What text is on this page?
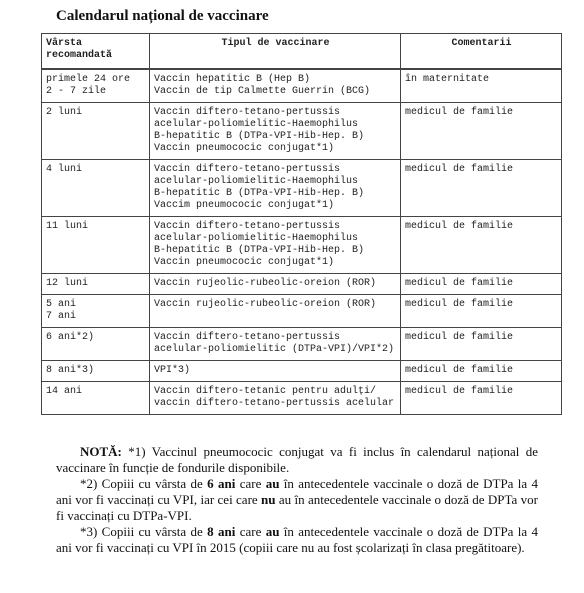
Calendarul național de vaccinare
Vârsta
recomandată	Tipul de vaccinare	Comentarii

primele 24 ore
2 - 7 zile	Vaccin hepatitic B (Hep B)
Vaccin de tip Calmette Guerrin (BCG)	în maternitate

2 luni	Vaccin diftero-tetano-pertussis
acelular-poliomielitic-Haemophilus
B-hepatitic B (DTPa-VPI-Hib-Hep. B)
Vaccin pneumococic conjugat*1)	medicul de familie

4 luni	Vaccin diftero-tetano-pertussis
acelular-poliomielitic-Haemophilus
B-hepatitic B (DTPa-VPI-Hib-Hep. B)
Vaccim pneumococic conjugat*1)	medicul de familie

11 luni	Vaccin diftero-tetano-pertussis
acelular-poliomielitic-Haemophilus
B-hepatitic B (DTPa-VPI-Hib-Hep. B)
Vaccin pneumococic conjugat*1)	medicul de familie

12 luni	Vaccin rujeolic-rubeolic-oreion (ROR)	medicul de familie

5 ani
7 ani	Vaccin rujeolic-rubeolic-oreion (ROR)	medicul de familie

6 ani*2)	Vaccin diftero-tetano-pertussis
acelular-poliomielitic (DTPa-VPI)/VPI*2)	medicul de familie

8 ani*3)	VPI*3)	medicul de familie

14 ani	Vaccin diftero-tetanic pentru adulți/
vaccin diftero-tetano-pertussis acelular	medicul de familie

NOTĂ: *1) Vaccinul pneumococic conjugat va fi inclus în calendarul național de vaccinare în funcție de fondurile disponibile.

*2) Copiii cu vârsta de 6 ani care au în antecedentele vaccinale o doză de DTPa la 4 ani vor fi vaccinați cu VPI, iar cei care nu au în antecedentele vaccinale o doză de DPTa vor fi vaccinați cu DTPa-VPI.

*3) Copiii cu vârsta de 8 ani care au în antecedentele vaccinale o doză de DTPa la 4 ani vor fi vaccinați cu VPI în 2015 (copiii care nu au fost școlarizați în clasa pregătitoare).
